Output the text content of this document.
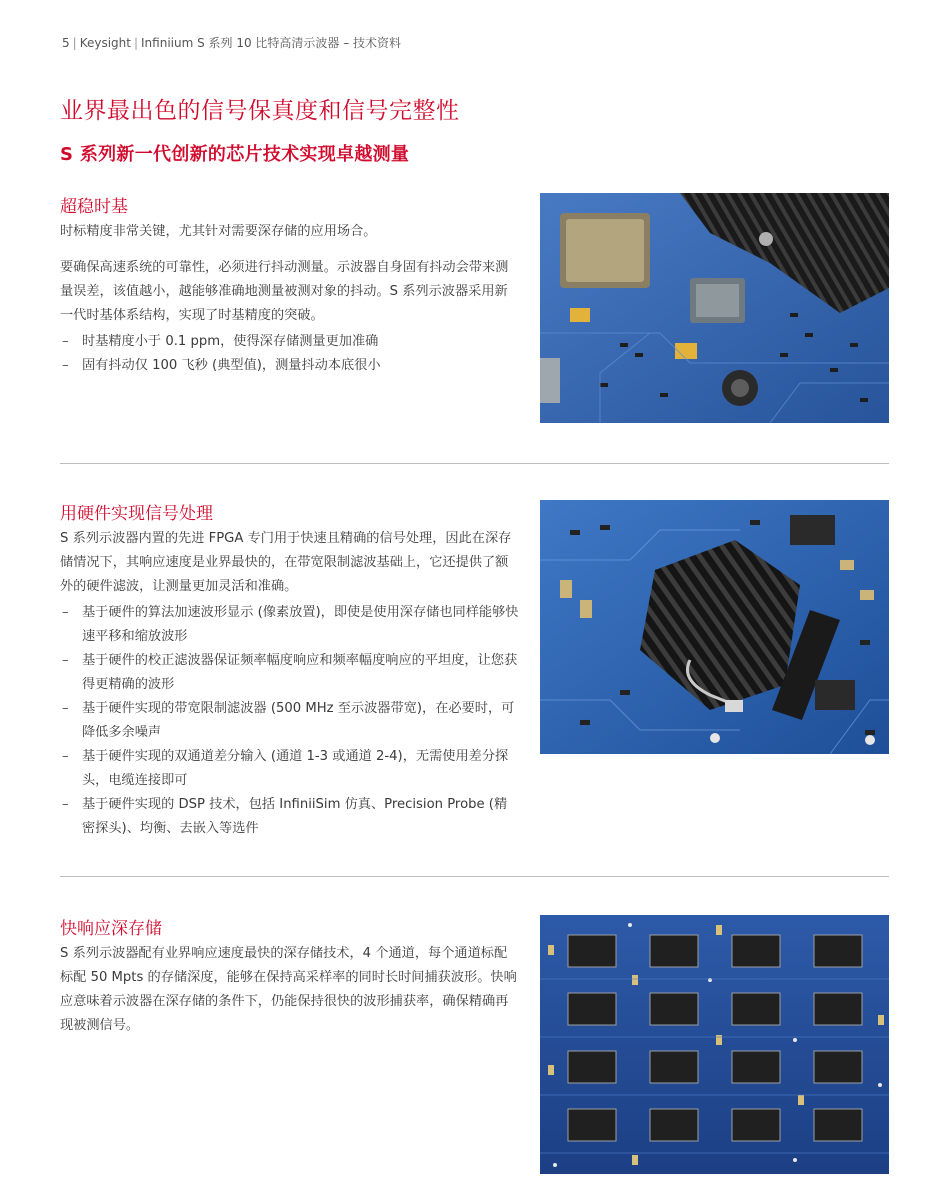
5 | Keysight | Infiniium S 系列 10 比特高清示波器 – 技术资料
业界最出色的信号保真度和信号完整性
S 系列新一代创新的芯片技术实现卓越测量
超稳时基

时标精度非常关键，尤其针对需要深存储的应用场合。

要确保高速系统的可靠性，必须进行抖动测量。示波器自身固有抖动会带来测量误差，该值越小，越能够准确地测量被测对象的抖动。S 系列示波器采用新一代时基体系结构，实现了时基精度的突破。

– 时基精度小于 0.1 ppm，使得深存储测量更加准确
– 固有抖动仅 100 飞秒 (典型值)，测量抖动本底很小
用硬件实现信号处理

S 系列示波器内置的先进 FPGA 专门用于快速且精确的信号处理，因此在深存储情况下，其响应速度是业界最快的，在带宽限制滤波基础上，它还提供了额外的硬件滤波，让测量更加灵活和准确。

– 基于硬件的算法加速波形显示 (像素放置)，即使是使用深存储也同样能够快速平移和缩放波形
– 基于硬件的校正滤波器保证频率幅度响应和频率幅度响应的平坦度，让您获得更精确的波形
– 基于硬件实现的带宽限制滤波器 (500 MHz 至示波器带宽)，在必要时，可降低多余噪声
– 基于硬件实现的双通道差分输入 (通道 1-3 或通道 2-4)，无需使用差分探头，电缆连接即可
– 基于硬件实现的 DSP 技术，包括 InfiniiSim 仿真、Precision Probe (精密探头)、均衡、去嵌入等选件
快响应深存储

S 系列示波器配有业界响应速度最快的深存储技术，4 个通道，每个通道标配标配 50 Mpts 的存储深度，能够在保持高采样率的同时长时间捕获波形。快响应意味着示波器在深存储的条件下，仍能保持很快的波形捕获率，确保精确再现被测信号。
